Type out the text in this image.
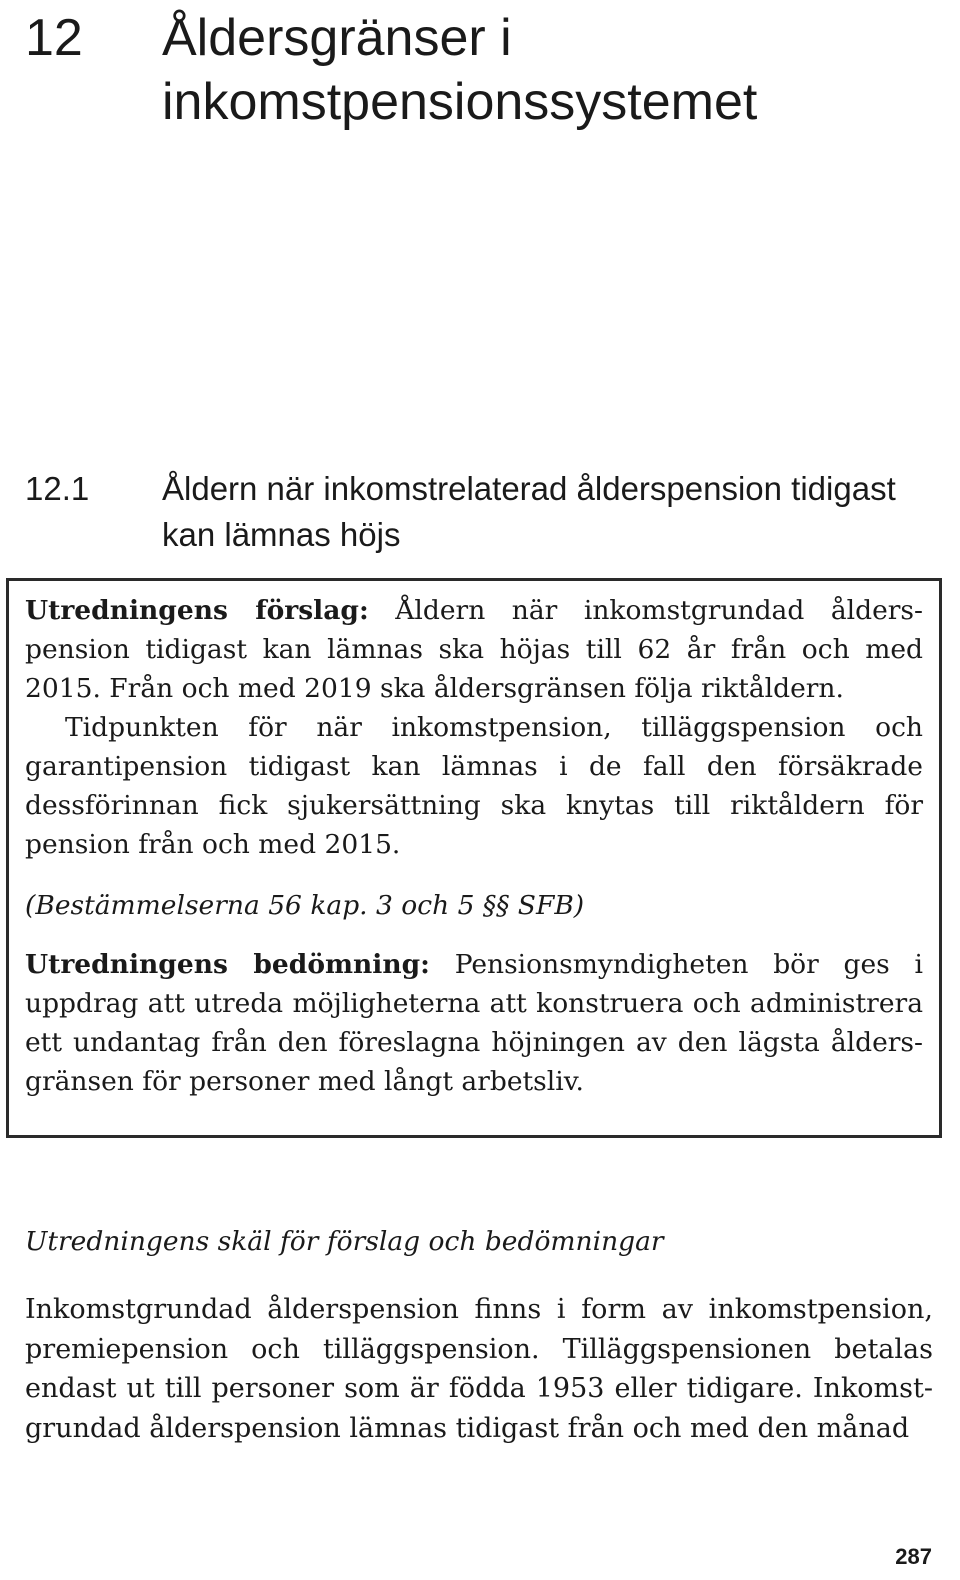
12 Åldersgränser i inkomstpensionssystemet
12.1 Åldern när inkomstrelaterad ålderspension tidigast kan lämnas höjs

Utredningens förslag: Åldern när inkomstgrundad ålderspension tidigast kan lämnas ska höjas till 62 år från och med 2015. Från och med 2019 ska åldersgränsen följa riktåldern.
Tidpunkten för när inkomstpension, tilläggspension och garantipension tidigast kan lämnas i de fall den försäkrade dessförinnan fick sjukersättning ska knytas till riktåldern för pension från och med 2015.

(Bestämmelserna 56 kap. 3 och 5 §§ SFB)

Utredningens bedömning: Pensionsmyndigheten bör ges i uppdrag att utreda möjligheterna att konstruera och administrera ett undantag från den föreslagna höjningen av den lägsta åldersgränsen för personer med långt arbetsliv.

Utredningens skäl för förslag och bedömningar

Inkomstgrundad ålderspension finns i form av inkomstpension, premiepension och tilläggspension. Tilläggspensionen betalas endast ut till personer som är födda 1953 eller tidigare. Inkomstgrundad ålderspension lämnas tidigast från och med den månad

287
